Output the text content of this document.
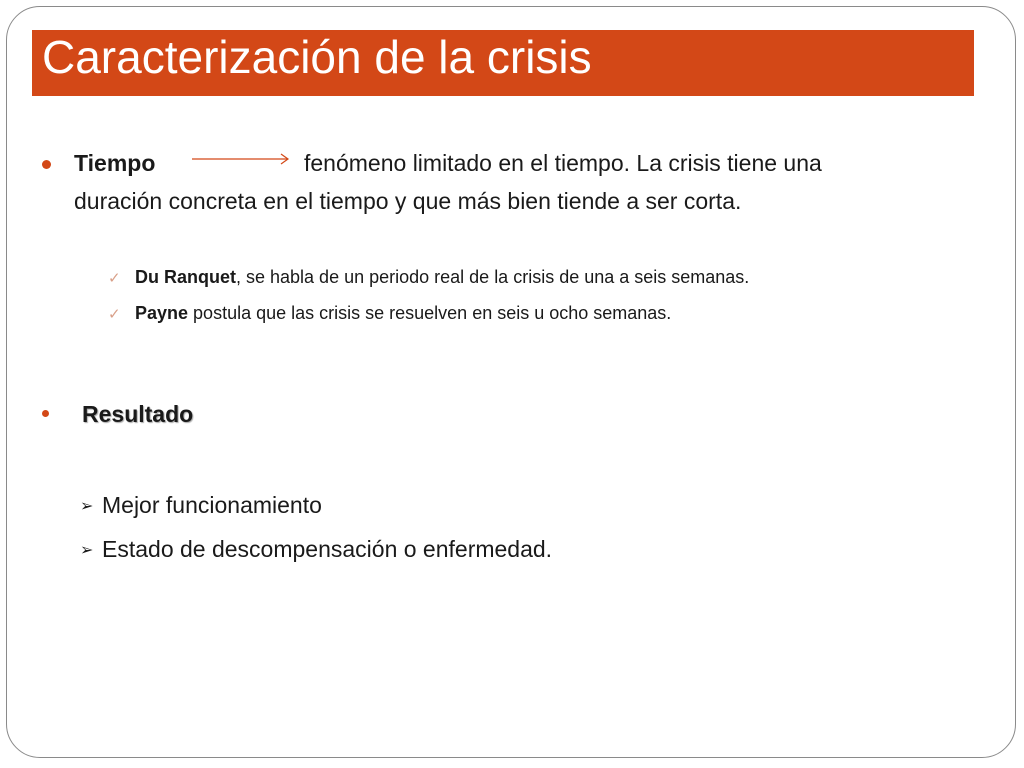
Caracterización de la crisis
Tiempo	fenómeno limitado en el tiempo. La crisis tiene una
duración concreta en el tiempo y que más bien tiende a ser corta.
✓ Du Ranquet, se habla de un periodo real de la crisis de una a seis semanas.
✓ Payne postula que las crisis se resuelven en seis u ocho semanas.
Resultado
➢ Mejor funcionamiento
➢ Estado de descompensación o enfermedad.
